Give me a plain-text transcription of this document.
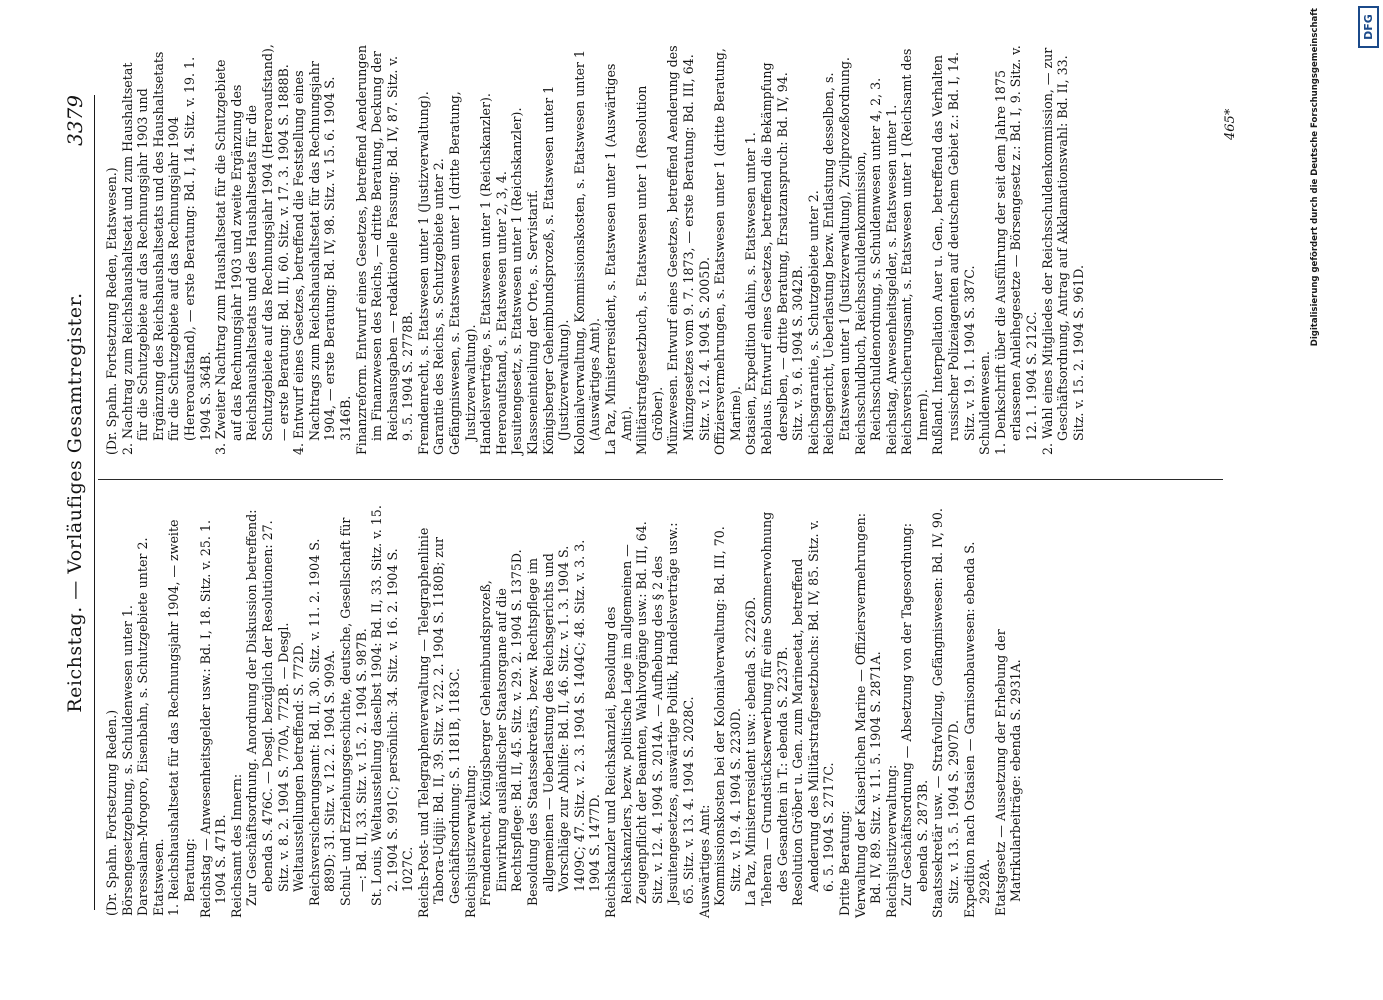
Reichstag. — Vorläufiges Gesamtregister.
3379

(Dr. Spahn. Fortsetzung Reden.) Börsengesetzgebung, s. Schuldenwesen unter 1. Daressalam-Mrogoro, Eisenbahn, s. Schutzgebiete unter 2. Etatswesen. 1. Reichshaushaltsetat für das Rechnungsjahr 1904, — zweite Beratung: Reichstag — Anwesenheitsgelder usw.: Bd. I, 18. Sitz. v. 25. 1. 1904 S. 471B. Reichsamt des Innern: Zur Geschäftsordnung. Anordnung der Diskussion betreffend: ebenda S. 476C. — Desgl. bezüglich der Resolutionen: 27. Sitz. v. 8. 2. 1904 S. 770A, 772B. — Desgl. Weltausstellungen betreffend: S. 772D. Reichsversicherungsamt: Bd. II, 30. Sitz. v. 11. 2. 1904 S. 889D; 31. Sitz. v. 12. 2. 1904 S. 909A. Schul- und Erziehungsgeschichte, deutsche, Gesellschaft für —: Bd. II, 33. Sitz. v. 15. 2. 1904 S. 987B. St. Louis, Weltausstellung daselbst 1904: Bd. II, 33. Sitz. v. 15. 2. 1904 S. 991C; persönlich: 34. Sitz. v. 16. 2. 1904 S. 1027C. Reichs-Post- und Telegraphenverwaltung — Telegraphenlinie Tabora-Udjiji: Bd. II, 39. Sitz. v. 22. 2. 1904 S. 1180B; zur Geschäftsordnung: S. 1181B, 1183C. Reichsjustizverwaltung: Fremdenrecht, Königsberger Geheimbundsprozeß, Einwirkung ausländischer Staatsorgane auf die Rechtspflege: Bd. II, 45. Sitz. v. 29. 2. 1904 S. 1375D. Besoldung des Staatssekretärs, bezw. Rechtspflege im allgemeinen — Ueberlastung des Reichsgerichts und Vorschläge zur Abhilfe: Bd. II, 46. Sitz. v. 1. 3. 1904 S. 1409C; 47. Sitz. v. 2. 3. 1904 S. 1404C; 48. Sitz. v. 3. 3. 1904 S. 1477D. Reichskanzler und Reichskanzlei, Besoldung des Reichskanzlers, bezw. politische Lage im allgemeinen — Zeugenpflicht der Beamten, Wahlvorgänge usw.: Bd. III, 64. Sitz. v. 12. 4. 1904 S. 2014A. — Aufhebung des § 2 des Jesuitengesetzes, auswärtige Politik, Handelsverträge usw.: 65. Sitz. v. 13. 4. 1904 S. 2028C. Auswärtiges Amt: Kommissionskosten bei der Kolonialverwaltung: Bd. III, 70. Sitz. v. 19. 4. 1904 S. 2230D. La Paz, Ministerresident usw.: ebenda S. 2226D. Teheran — Grundstückserwerbung für eine Sommerwohnung des Gesandten in T.: ebenda S. 2237B. Resolution Gröber u. Gen. zum Marineetat, betreffend Aenderung des Militärstrafgesetzbuchs: Bd. IV, 85. Sitz. v. 6. 5. 1904 S. 2717C. Dritte Beratung: Verwaltung der Kaiserlichen Marine — Offiziersvermehrungen: Bd. IV, 89. Sitz. v. 11. 5. 1904 S. 2871A. Reichsjustizverwaltung: Zur Geschäftsordnung — Absetzung von der Tagesordnung: ebenda S. 2873B. Staatssekretär usw. — Strafvollzug, Gefängniswesen: Bd. IV, 90. Sitz. v. 13. 5. 1904 S. 2907D. Expedition nach Ostasien — Garnisonbauwesen: ebenda S. 2928A. Etatsgesetz — Aussetzung der Erhebung der Matrikularbeiträge: ebenda S. 2931A.

(Dr. Spahn. Fortsetzung Reden, Etatswesen.) 2. Nachtrag zum Reichshaushaltsetat und zum Haushaltsetat für die Schutzgebiete auf das Rechnungsjahr 1903 und Ergänzung des Reichshaushaltsetats und des Haushaltsetats für die Schutzgebiete auf das Rechnungsjahr 1904 (Hereroaufstand), — erste Beratung: Bd. I, 14. Sitz. v. 19. 1. 1904 S. 364B. 3. Zweiter Nachtrag zum Haushaltsetat für die Schutzgebiete auf das Rechnungsjahr 1903 und zweite Ergänzung des Reichshaushaltsetats und des Haushaltsetats für die Schutzgebiete auf das Rechnungsjahr 1904 (Hereroaufstand), — erste Beratung: Bd. III, 60. Sitz. v. 17. 3. 1904 S. 1888B. 4. Entwurf eines Gesetzes, betreffend die Feststellung eines Nachtrags zum Reichshaushaltsetat für das Rechnungsjahr 1904, — erste Beratung: Bd. IV, 98. Sitz. v. 15. 6. 1904 S. 3146B. Finanzreform. Entwurf eines Gesetzes, betreffend Aenderungen im Finanzwesen des Reichs, — dritte Beratung, Deckung der Reichsausgaben — redaktionelle Fassung: Bd. IV, 87. Sitz. v. 9. 5. 1904 S. 2778B. Fremdenrecht, s. Etatswesen unter 1 (Justizverwaltung). Garantie des Reichs, s. Schutzgebiete unter 2. Gefängniswesen, s. Etatswesen unter 1 (dritte Beratung, Justizverwaltung). Handelsverträge, s. Etatswesen unter 1 (Reichskanzler). Hereroaufstand, s. Etatswesen unter 2, 3, 4. Jesuitengesetz, s. Etatswesen unter 1 (Reichskanzler). Klasseneinteilung der Orte, s. Servistarif. Königsberger Geheimbundsprozeß, s. Etatswesen unter 1 (Justizverwaltung). Kolonialverwaltung, Kommissionskosten, s. Etatswesen unter 1 (Auswärtiges Amt). La Paz, Ministerresident, s. Etatswesen unter 1 (Auswärtiges Amt). Militärstrafgesetzbuch, s. Etatswesen unter 1 (Resolution Gröber). Münzwesen. Entwurf eines Gesetzes, betreffend Aenderung des Münzgesetzes vom 9. 7. 1873, — erste Beratung: Bd. III, 64. Sitz. v. 12. 4. 1904 S. 2005D. Offiziersvermehrungen, s. Etatswesen unter 1 (dritte Beratung, Marine). Ostasien, Expedition dahin, s. Etatswesen unter 1. Reblaus. Entwurf eines Gesetzes, betreffend die Bekämpfung derselben, — dritte Beratung, Ersatzanspruch: Bd. IV, 94. Sitz. v. 9. 6. 1904 S. 3042B. Reichsgarantie, s. Schutzgebiete unter 2. Reichsgericht, Ueberlastung bezw. Entlastung desselben, s. Etatswesen unter 1 (Justizverwaltung), Zivilprozeßordnung. Reichsschuldbuch, Reichsschuldenkommission, Reichsschuldenordnung, s. Schuldenwesen unter 4, 2, 3. Reichstag, Anwesenheitsgelder, s. Etatswesen unter 1. Reichsversicherungsamt, s. Etatswesen unter 1 (Reichsamt des Innern). Rußland. Interpellation Auer u. Gen., betreffend das Verhalten russischer Polizeiagenten auf deutschem Gebiet z.: Bd. I, 14. Sitz. v. 19. 1. 1904 S. 387C. Schuldenwesen. 1. Denkschrift über die Ausführung der seit dem Jahre 1875 erlassenen Anleihegesetze — Börsengesetz z.: Bd. I, 9. Sitz. v. 12. 1. 1904 S. 212C. 2. Wahl eines Mitgliedes der Reichsschuldenkommission, — zur Geschäftsordnung, Antrag auf Akklamationswahl: Bd. II, 33. Sitz. v. 15. 2. 1904 S. 961D.

465*	Digitalisierung gefördert durch die Deutsche Forschungsgemeinschaft	DFG
